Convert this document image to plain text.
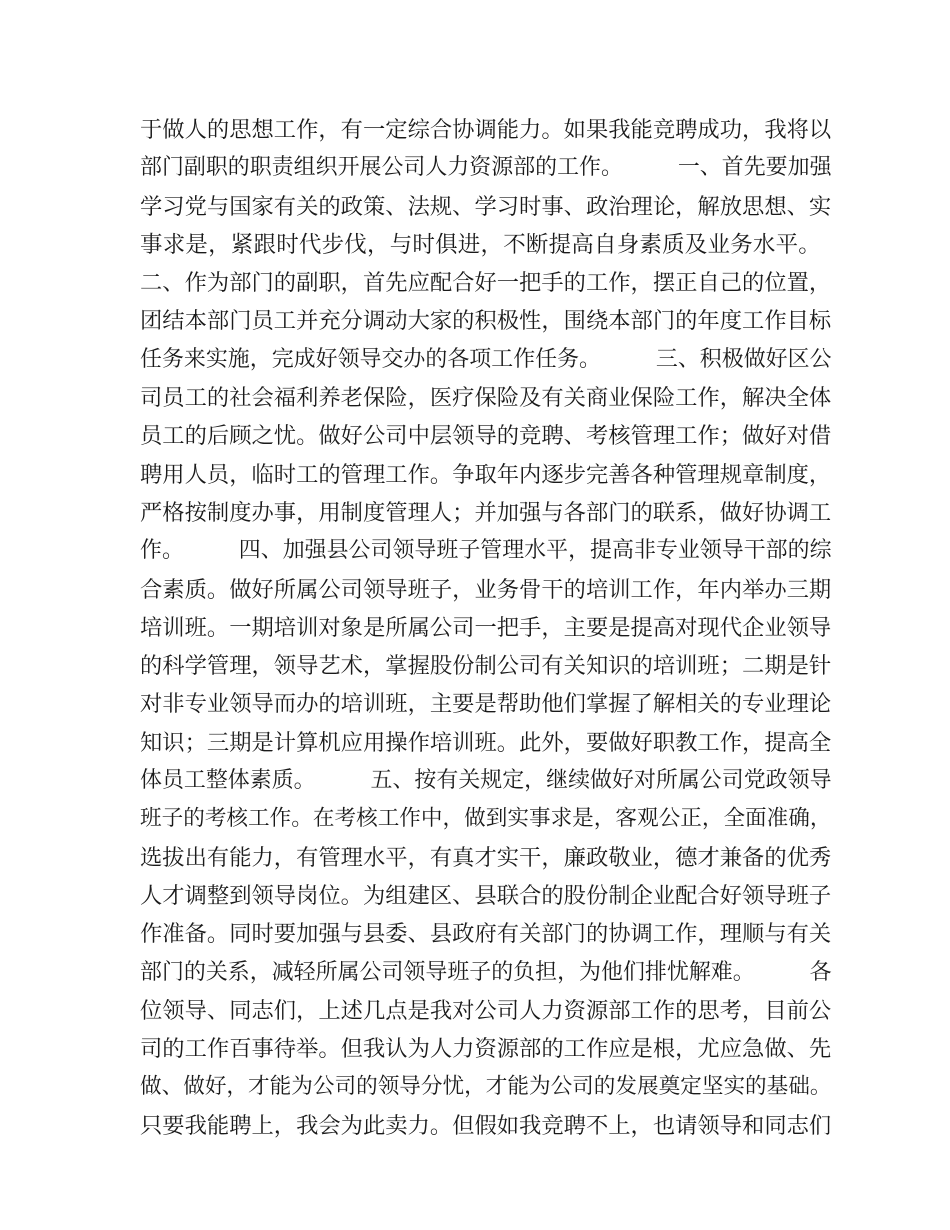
于做人的思想工作，有一定综合协调能力。如果我能竞聘成功，我将以
部门副职的职责组织开展公司人力资源部的工作。　　　一、首先要加强
学习党与国家有关的政策、法规、学习时事、政治理论，解放思想、实
事求是，紧跟时代步伐，与时俱进，不断提高自身素质及业务水平。
二、作为部门的副职，首先应配合好一把手的工作，摆正自己的位置，
团结本部门员工并充分调动大家的积极性，围绕本部门的年度工作目标
任务来实施，完成好领导交办的各项工作任务。　　　三、积极做好区公
司员工的社会福利养老保险，医疗保险及有关商业保险工作，解决全体
员工的后顾之忧。做好公司中层领导的竞聘、考核管理工作；做好对借
聘用人员，临时工的管理工作。争取年内逐步完善各种管理规章制度，
严格按制度办事，用制度管理人；并加强与各部门的联系，做好协调工
作。　　　四、加强县公司领导班子管理水平，提高非专业领导干部的综
合素质。做好所属公司领导班子，业务骨干的培训工作，年内举办三期
培训班。一期培训对象是所属公司一把手，主要是提高对现代企业领导
的科学管理，领导艺术，掌握股份制公司有关知识的培训班；二期是针
对非专业领导而办的培训班，主要是帮助他们掌握了解相关的专业理论
知识；三期是计算机应用操作培训班。此外，要做好职教工作，提高全
体员工整体素质。　　　五、按有关规定，继续做好对所属公司党政领导
班子的考核工作。在考核工作中，做到实事求是，客观公正，全面准确，
选拔出有能力，有管理水平，有真才实干，廉政敬业，德才兼备的优秀
人才调整到领导岗位。为组建区、县联合的股份制企业配合好领导班子
作准备。同时要加强与县委、县政府有关部门的协调工作，理顺与有关
部门的关系，减轻所属公司领导班子的负担，为他们排忧解难。　　　各
位领导、同志们，上述几点是我对公司人力资源部工作的思考，目前公
司的工作百事待举。但我认为人力资源部的工作应是根，尤应急做、先
做、做好，才能为公司的领导分忧，才能为公司的发展奠定坚实的基础。
只要我能聘上，我会为此卖力。但假如我竞聘不上，也请领导和同志们
